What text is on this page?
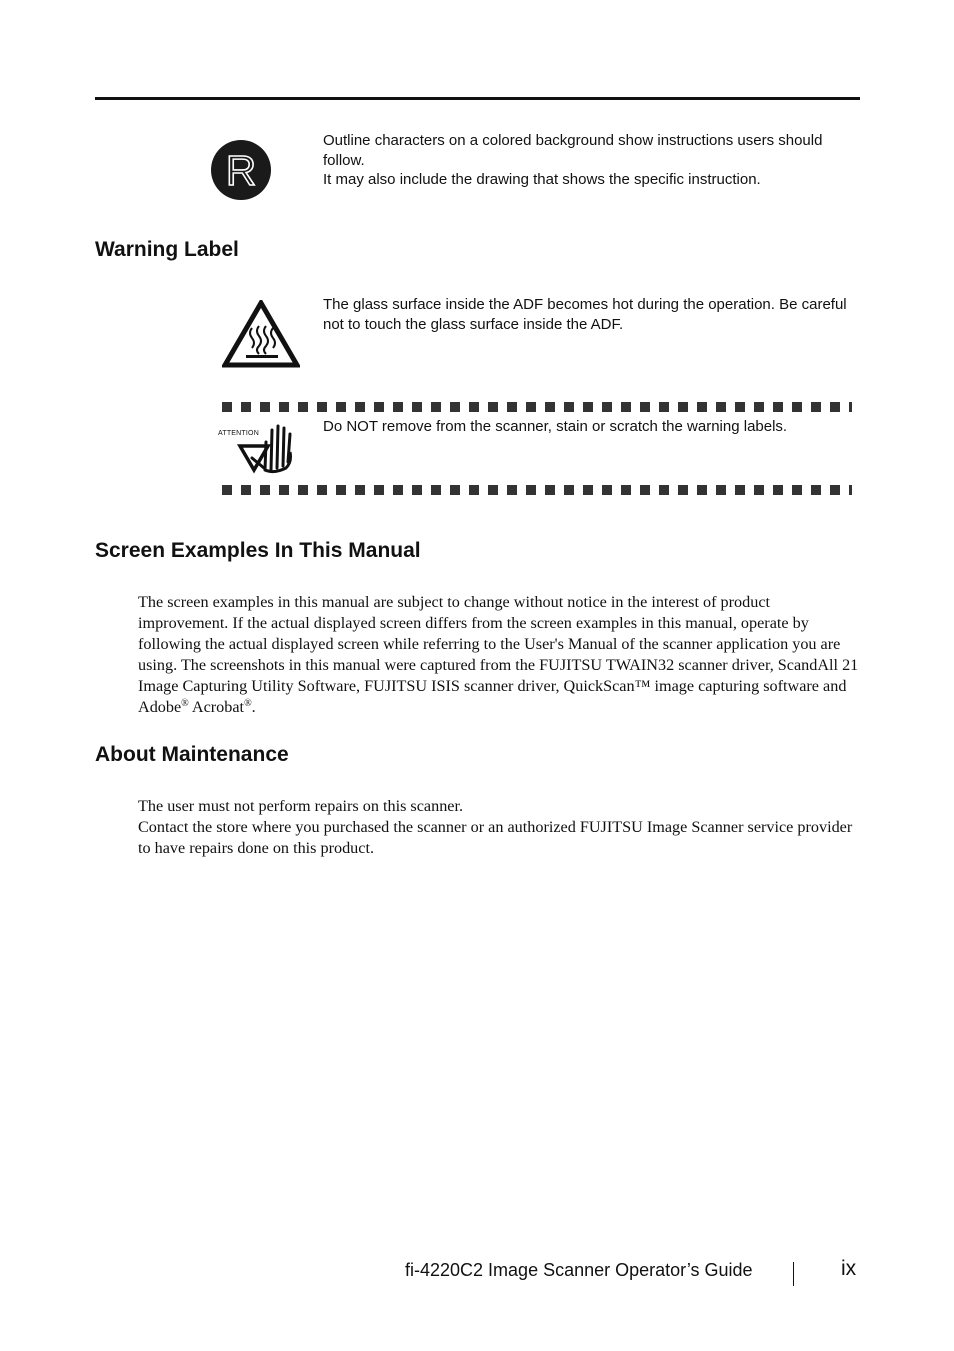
R
Outline characters on a colored background show instructions users should follow.
It may also include the drawing that shows the specific instruction.
Warning Label
The glass surface inside the ADF becomes hot during the operation. Be careful not to touch the glass surface inside the ADF.
ATTENTION	Do NOT remove from the scanner, stain or scratch the warning labels.
Screen Examples In This Manual

The screen examples in this manual are subject to change without notice in the interest of product improvement. If the actual displayed screen differs from the screen examples in this manual, operate by following the actual displayed screen while referring to the User's Manual of the scanner application you are using. The screenshots in this manual were captured from the FUJITSU TWAIN32 scanner driver, ScandAll 21 Image Capturing Utility Software, FUJITSU ISIS scanner driver, QuickScan™ image capturing software and Adobe® Acrobat®.

About Maintenance
The user must not perform repairs on this scanner.
Contact the store where you purchased the scanner or an authorized FUJITSU Image Scanner service provider to have repairs done on this product.
fi-4220C2 Image Scanner Operator’s Guide	ix
